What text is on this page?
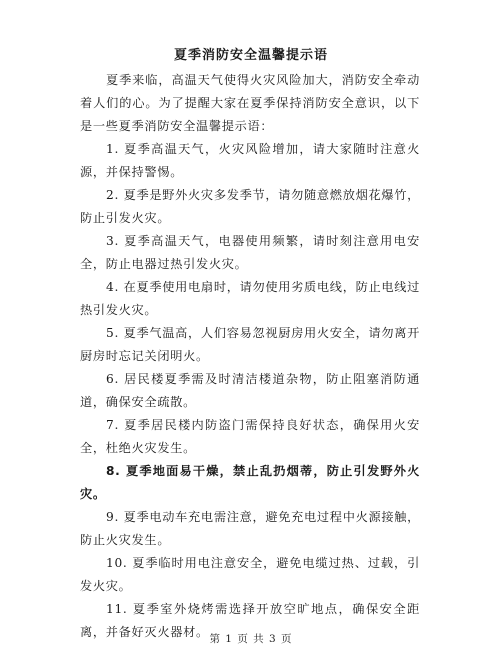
夏季消防安全温馨提示语

夏季来临，高温天气使得火灾风险加大，消防安全牵动着人们的心。为了提醒大家在夏季保持消防安全意识，以下是一些夏季消防安全温馨提示语：

1. 夏季高温天气，火灾风险增加，请大家随时注意火源，并保持警惕。

2. 夏季是野外火灾多发季节，请勿随意燃放烟花爆竹，防止引发火灾。

3. 夏季高温天气，电器使用频繁，请时刻注意用电安全，防止电器过热引发火灾。

4. 在夏季使用电扇时，请勿使用劣质电线，防止电线过热引发火灾。

5. 夏季气温高，人们容易忽视厨房用火安全，请勿离开厨房时忘记关闭明火。

6. 居民楼夏季需及时清洁楼道杂物，防止阻塞消防通道，确保安全疏散。

7. 夏季居民楼内防盗门需保持良好状态，确保用火安全，杜绝火灾发生。

8. 夏季地面易干燥，禁止乱扔烟蒂，防止引发野外火灾。

9. 夏季电动车充电需注意，避免充电过程中火源接触，防止火灾发生。

10. 夏季临时用电注意安全，避免电缆过热、过载，引发火灾。

11. 夏季室外烧烤需选择开放空旷地点，确保安全距离，并备好灭火器材。 第 1 页 共 3 页
